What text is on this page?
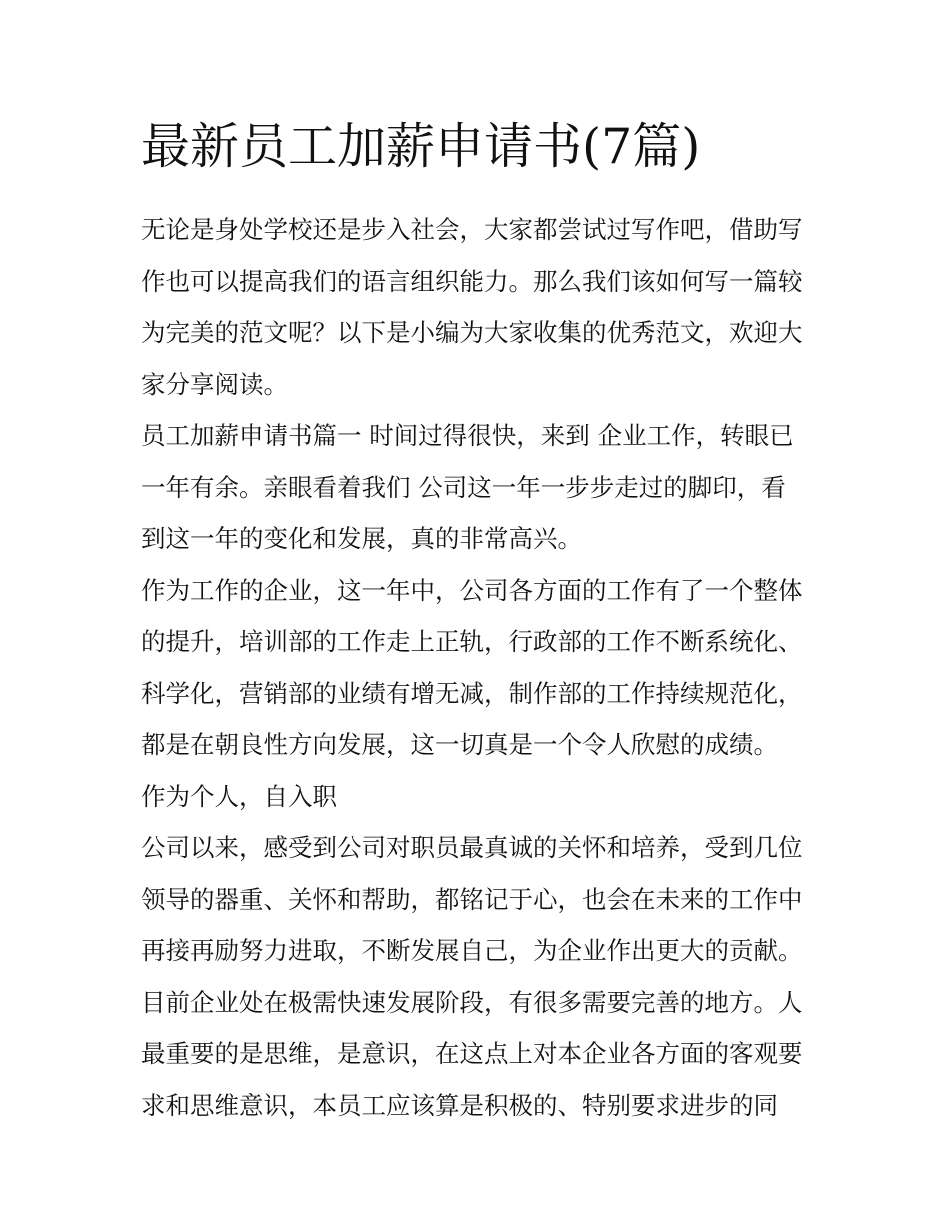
最新员工加薪申请书(7篇)
无论是身处学校还是步入社会，大家都尝试过写作吧，借助写
作也可以提高我们的语言组织能力。那么我们该如何写一篇较
为完美的范文呢？以下是小编为大家收集的优秀范文，欢迎大
家分享阅读。
员工加薪申请书篇一 时间过得很快，来到 企业工作，转眼已
一年有余。亲眼看着我们 公司这一年一步步走过的脚印，看
到这一年的变化和发展，真的非常高兴。
作为工作的企业，这一年中，公司各方面的工作有了一个整体
的提升，培训部的工作走上正轨，行政部的工作不断系统化、
科学化，营销部的业绩有增无减，制作部的工作持续规范化，
都是在朝良性方向发展，这一切真是一个令人欣慰的成绩。
作为个人，自入职
公司以来，感受到公司对职员最真诚的关怀和培养，受到几位
领导的器重、关怀和帮助，都铭记于心，也会在未来的工作中
再接再励努力进取，不断发展自己，为企业作出更大的贡献。
目前企业处在极需快速发展阶段，有很多需要完善的地方。人
最重要的是思维，是意识，在这点上对本企业各方面的客观要
求和思维意识，本员工应该算是积极的、特别要求进步的同
